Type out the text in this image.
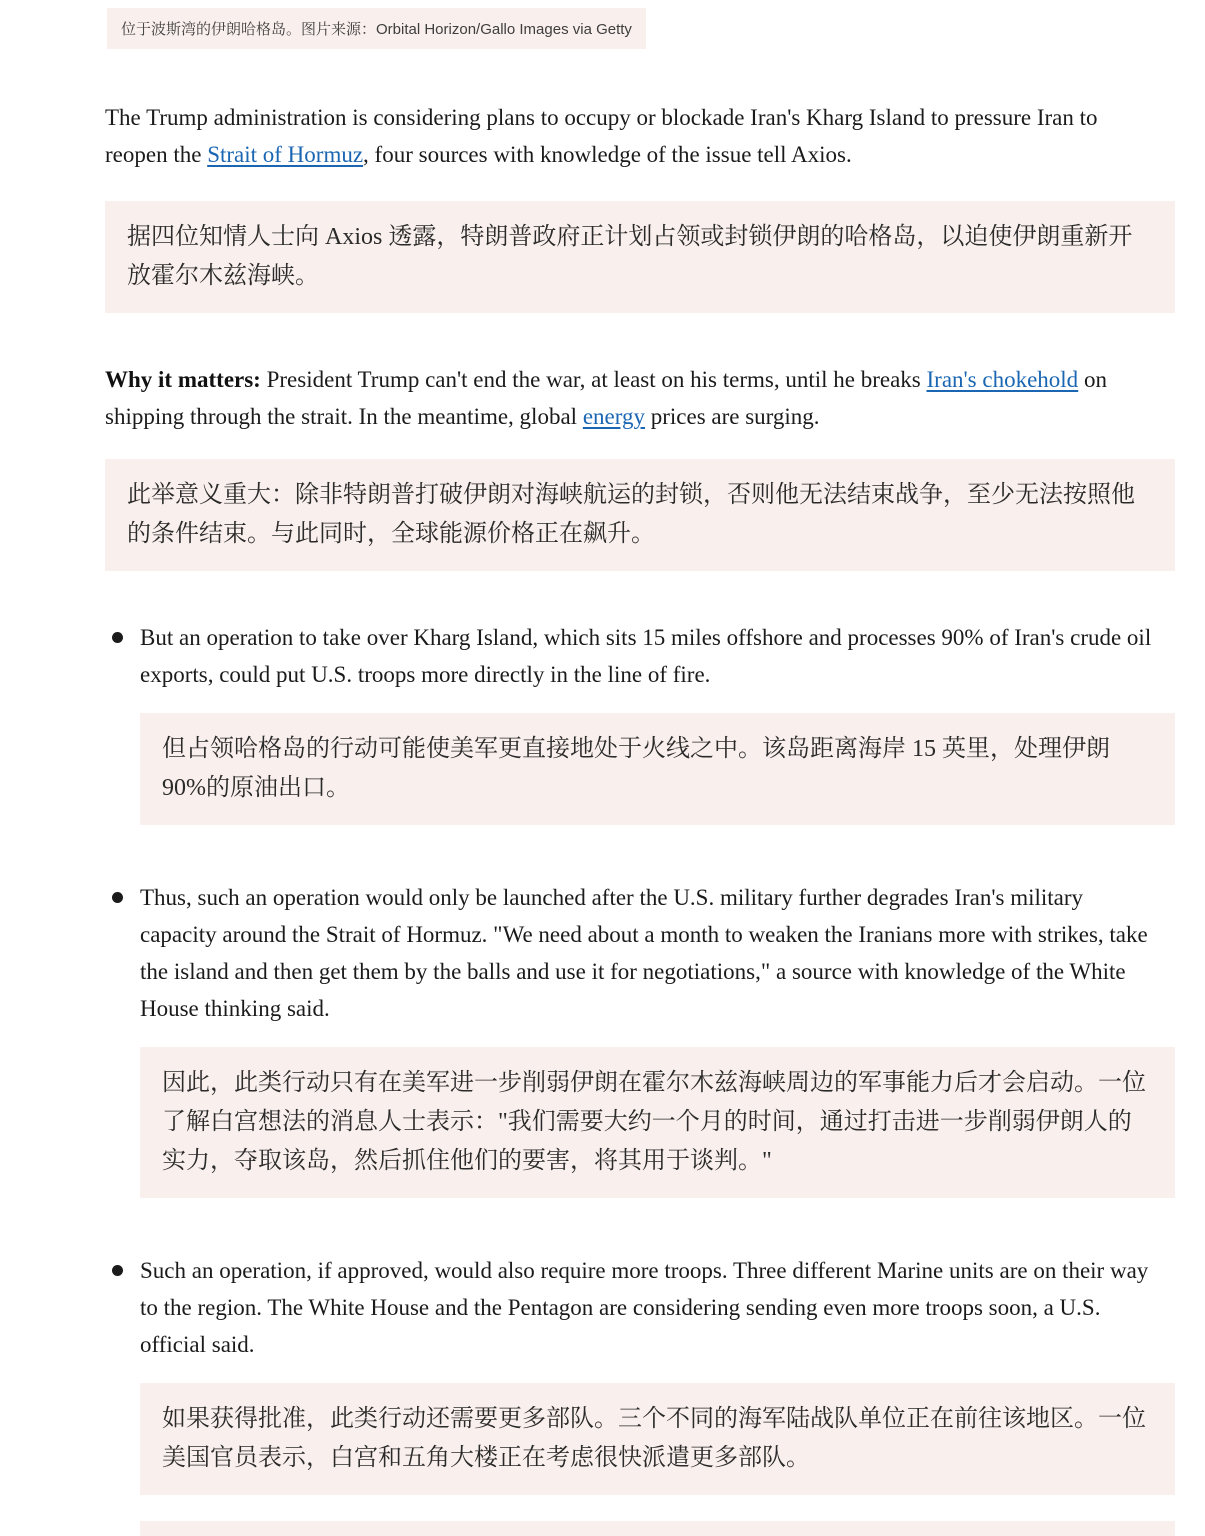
位于波斯湾的伊朗哈格岛。图片来源：Orbital Horizon/Gallo Images via Getty

The Trump administration is considering plans to occupy or blockade Iran's Kharg Island to pressure Iran to reopen the Strait of Hormuz, four sources with knowledge of the issue tell Axios.

据四位知情人士向 Axios 透露，特朗普政府正计划占领或封锁伊朗的哈格岛，以迫使伊朗重新开放霍尔木兹海峡。

Why it matters: President Trump can't end the war, at least on his terms, until he breaks Iran's chokehold on shipping through the strait. In the meantime, global energy prices are surging.

此举意义重大：除非特朗普打破伊朗对海峡航运的封锁，否则他无法结束战争，至少无法按照他的条件结束。与此同时，全球能源价格正在飙升。

But an operation to take over Kharg Island, which sits 15 miles offshore and processes 90% of Iran's crude oil exports, could put U.S. troops more directly in the line of fire.

但占领哈格岛的行动可能使美军更直接地处于火线之中。该岛距离海岸 15 英里，处理伊朗 90%的原油出口。

Thus, such an operation would only be launched after the U.S. military further degrades Iran's military capacity around the Strait of Hormuz. "We need about a month to weaken the Iranians more with strikes, take the island and then get them by the balls and use it for negotiations," a source with knowledge of the White House thinking said.

因此，此类行动只有在美军进一步削弱伊朗在霍尔木兹海峡周边的军事能力后才会启动。一位了解白宫想法的消息人士表示："我们需要大约一个月的时间，通过打击进一步削弱伊朗人的实力，夺取该岛，然后抓住他们的要害，将其用于谈判。"

Such an operation, if approved, would also require more troops. Three different Marine units are on their way to the region. The White House and the Pentagon are considering sending even more troops soon, a U.S. official said.

如果获得批准，此类行动还需要更多部队。三个不同的海军陆战队单位正在前往该地区。一位美国官员表示，白宫和五角大楼正在考虑很快派遣更多部队。
